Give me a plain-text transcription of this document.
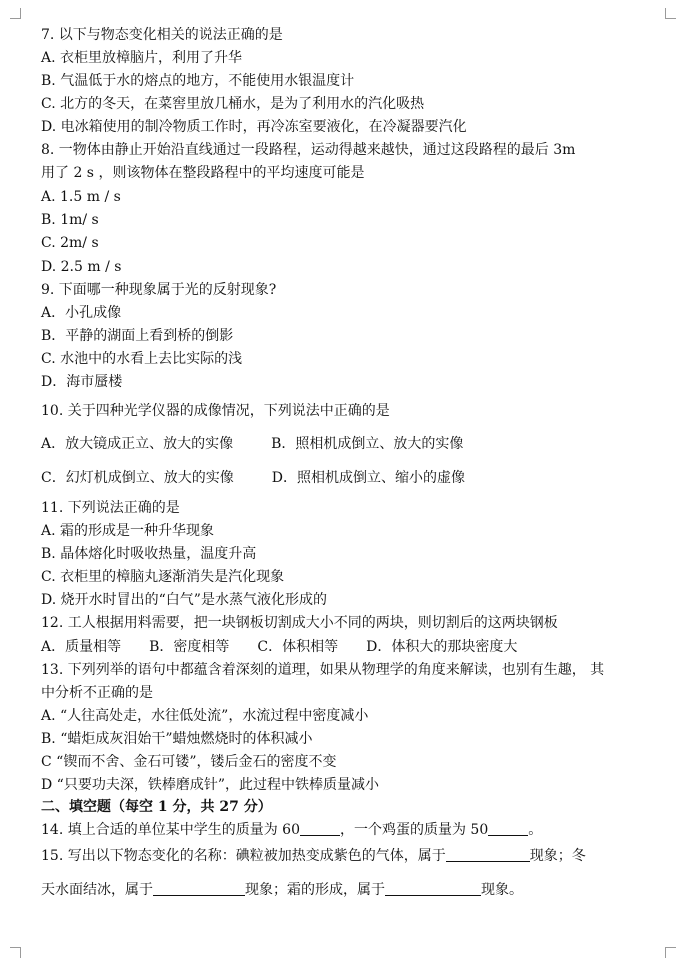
7. 以下与物态变化相关的说法正确的是
A. 衣柜里放樟脑片，利用了升华
B. 气温低于水的熔点的地方，不能使用水银温度计
C. 北方的冬天，在菜窖里放几桶水，是为了利用水的汽化吸热
D. 电冰箱使用的制冷物质工作时，再冷冻室要液化，在冷凝器要汽化
8. 一物体由静止开始沿直线通过一段路程，运动得越来越快，通过这段路程的最后 3m
用了 2 s ，则该物体在整段路程中的平均速度可能是
A. 1.5 m / s
B. 1m/ s
C. 2m/ s
D. 2.5 m / s
9. 下面哪一种现象属于光的反射现象?
A．小孔成像
B．平静的湖面上看到桥的倒影
C. 水池中的水看上去比实际的浅
D．海市蜃楼
10. 关于四种光学仪器的成像情况，下列说法中正确的是
A．放大镜成正立、放大的实像	B．照相机成倒立、放大的实像
C．幻灯机成倒立、放大的实像	D．照相机成倒立、缩小的虚像
11. 下列说法正确的是
A. 霜的形成是一种升华现象
B. 晶体熔化时吸收热量，温度升高
C. 衣柜里的樟脑丸逐渐消失是汽化现象
D. 烧开水时冒出的“白气”是水蒸气液化形成的
12. 工人根据用料需要，把一块钢板切割成大小不同的两块，则切割后的这两块钢板
A．质量相等 B．密度相等 C．体积相等 D．体积大的那块密度大
13. 下列列举的语句中都蕴含着深刻的道理，如果从物理学的角度来解读，也别有生趣， 其
中分析不正确的是
A. “人往高处走，水往低处流”，水流过程中密度减小
B. “蜡炬成灰泪始干”蜡烛燃烧时的体积减小
C “锲而不舍、金石可镂”，镂后金石的密度不变
D “只要功夫深，铁棒磨成针”，此过程中铁棒质量减小
二、填空题（每空 1 分，共 27 分）
14. 填上合适的单位某中学生的质量为 60	，一个鸡蛋的质量为 50	。
15. 写出以下物态变化的名称：碘粒被加热变成紫色的气体，属于	现象；冬
天水面结冰，属于	现象；霜的形成，属于	现象。
